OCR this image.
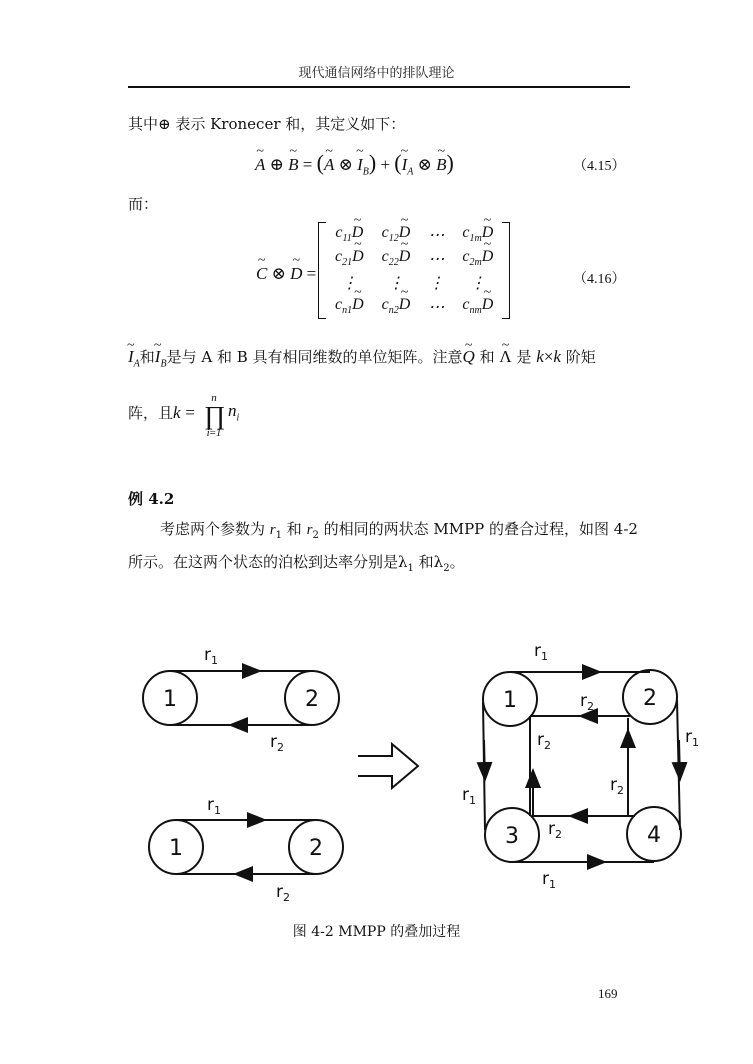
现代通信网络中的排队理论
其中⊕ 表示 Kronecer 和，其定义如下：
~ A ⊕ ~ B = (~ A ⊗ ~ $I_B$) + (~ $I_A$ ⊗ ~ B)	（4.15）
而：
~ C ⊗ ~ D =
	$c_{11}\sim$ D	$c_{12}\sim$ D	⋯	$c_{1m}\sim$ D	
	$c_{21}\sim$ D	$c_{22}\sim$ D	⋯	$c_{2m}\sim$ D
	⋮	⋮	⋮	⋮	
	$c_{n1}\sim$ D	$c_{n2}\sim$ D	⋯	$c_{nm}\sim$ D
（4.16）
~ $I_A$和~ $I_B$是与 A 和 B 具有相同维数的单位矩阵。注意~ Q 和 ~ Λ 是 k×k 阶矩
阵，且k =
n
∏
i=1
$n_i$
例 4.2
考虑两个参数为 $r_1$ 和 $r_2$ 的相同的两状态 MMPP 的叠合过程，如图 4-2
所示。在这两个状态的泊松到达率分别是$\lambda_1$ 和$\lambda_2$。
1	2
1	2
1	2
3	4
$r_1$
$r_2$
$r_1$
$r_2$
$r_1$
$r_2$
$r_1$
$r_2$
$r_2$
$r_1$
$r_2$
$r_1$
图 4-2 MMPP 的叠加过程
169
